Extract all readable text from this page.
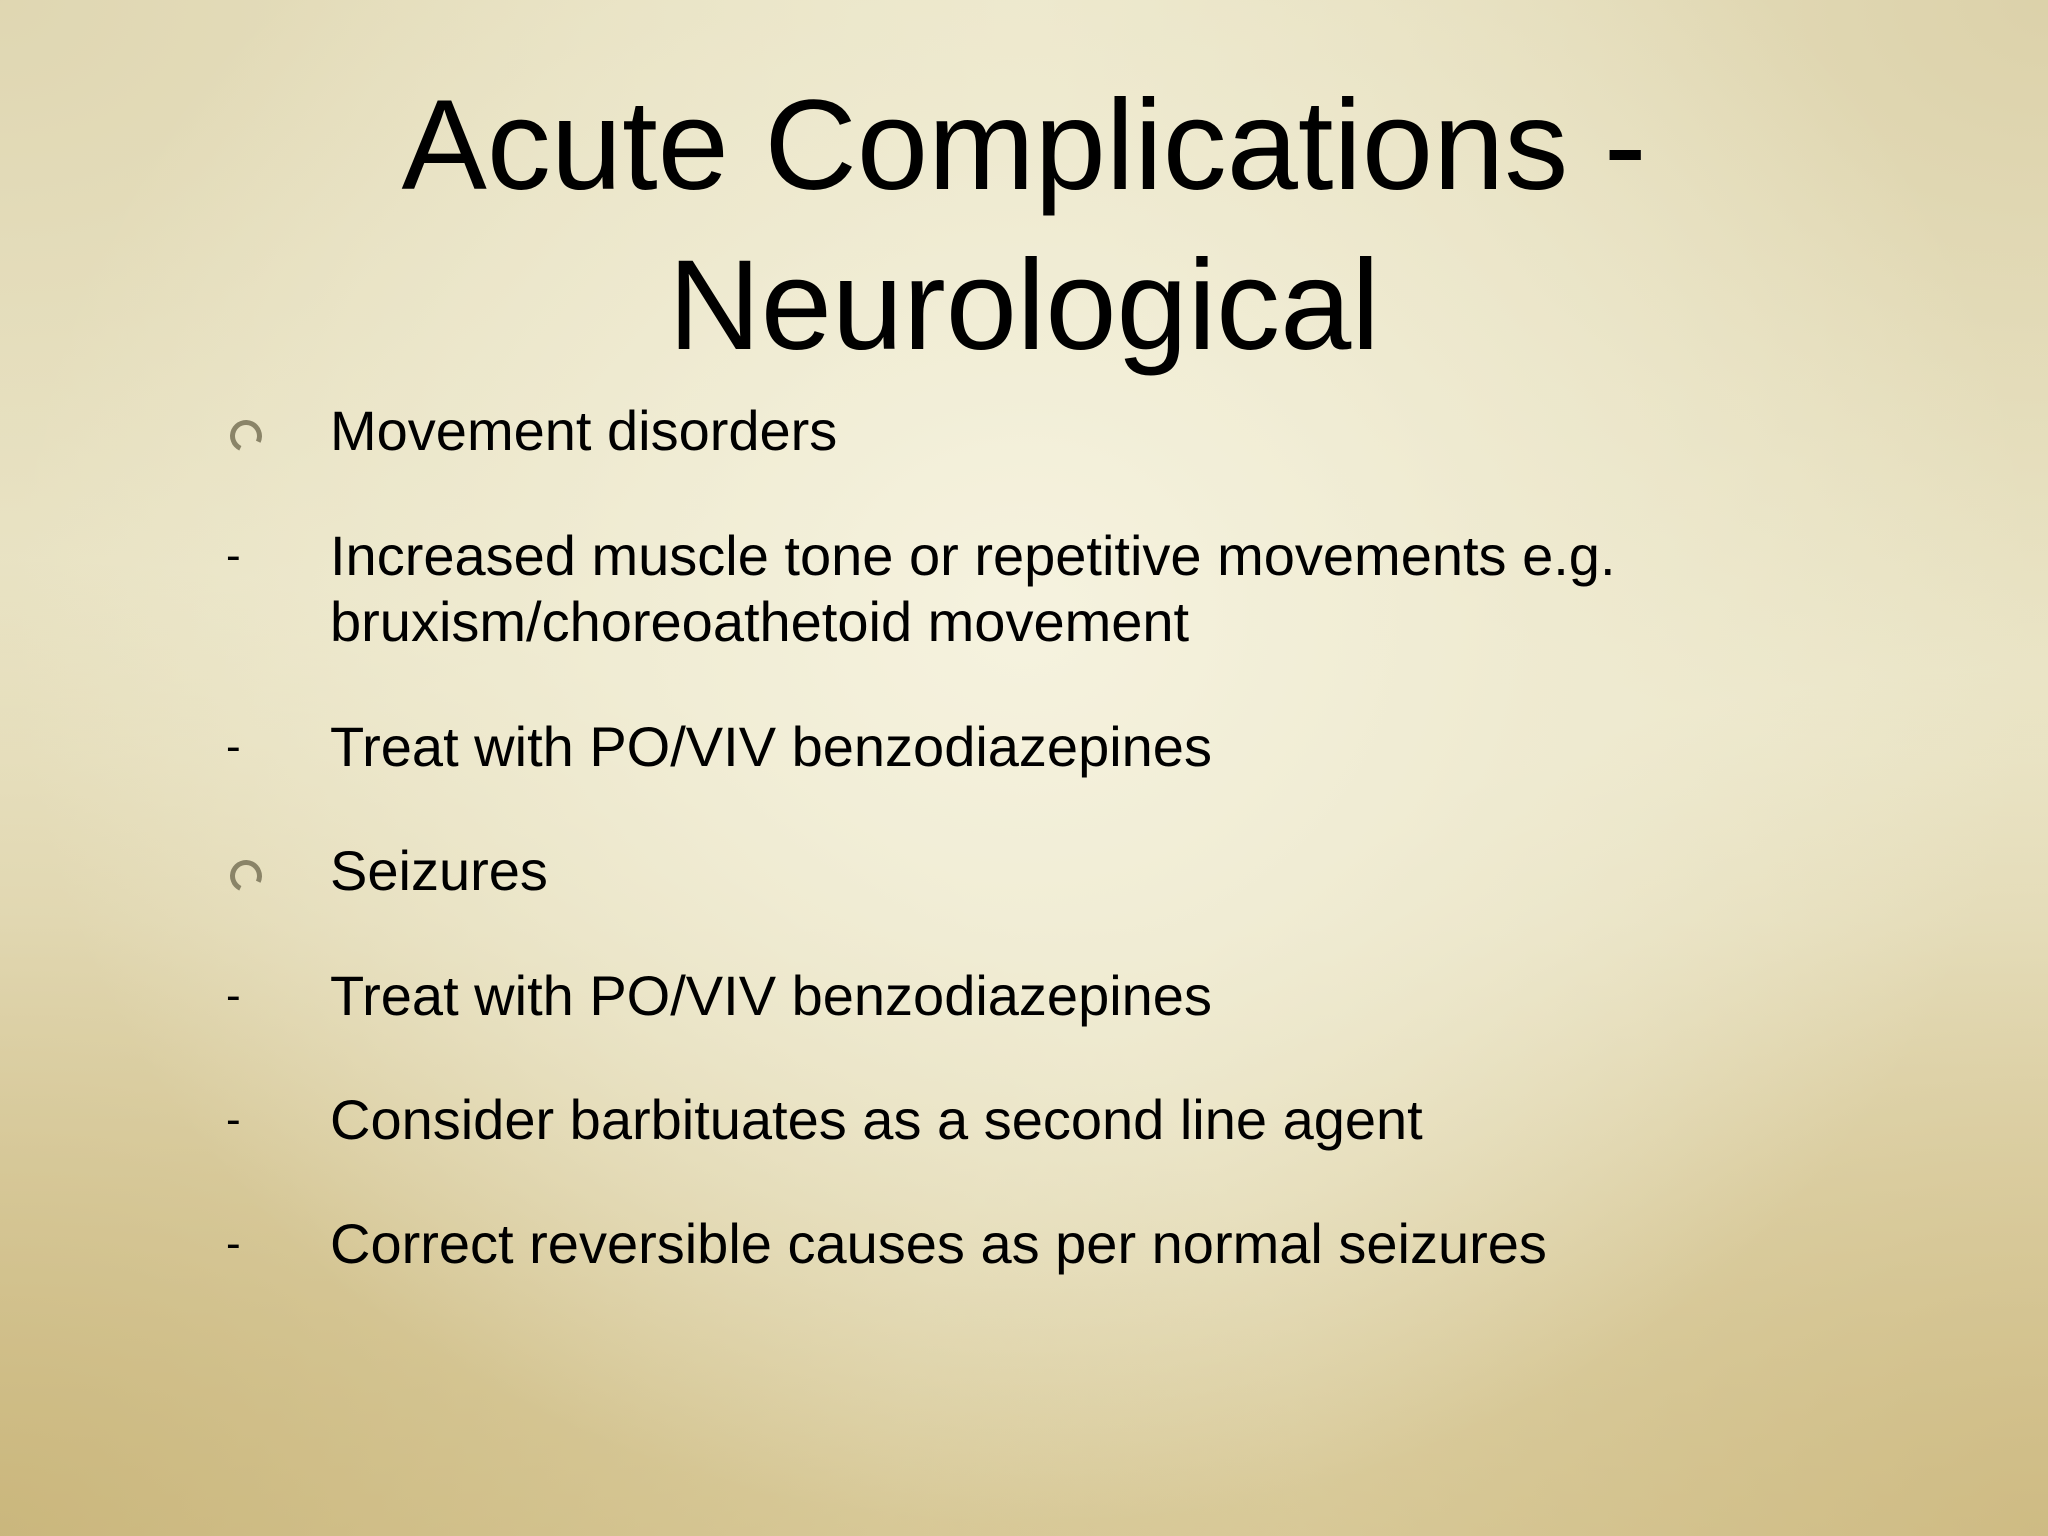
Acute Complications -
Neurological
Movement disorders
-	Increased muscle tone or repetitive movements e.g. bruxism/choreoathetoid movement
-	Treat with PO/VIV benzodiazepines
Seizures
-	Treat with PO/VIV benzodiazepines
-	Consider barbituates as a second line agent
-	Correct reversible causes as per normal seizures
